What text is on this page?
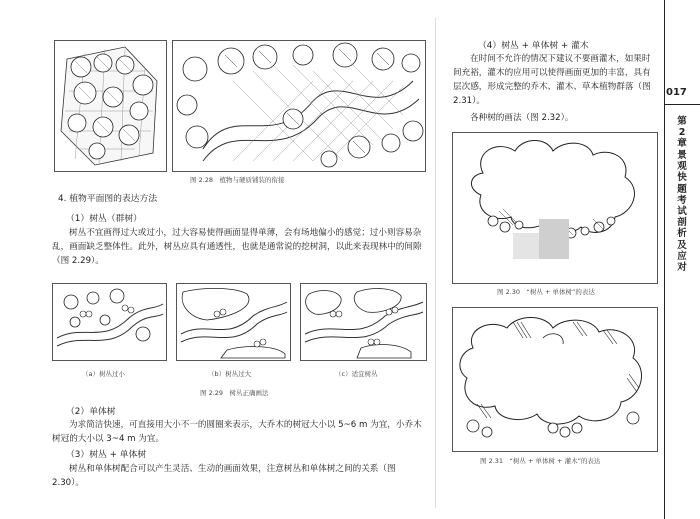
图 2.28　植物与硬质铺装的衔接
4. 植物平面图的表达方法
（1）树丛（群树）
树丛不宜画得过大或过小，过大容易使得画面显得单薄，会有场地偏小的感觉；过小则容易杂乱，画面缺乏整体性。此外，树丛应具有通透性，也就是通常说的挖树洞，以此来表现林中的间隙（图 2.29）。
（a）树丛过小	（b）树丛过大	（c）适宜树丛
图 2.29　树丛正确画法
（2）单体树
为求简洁快速，可直接用大小不一的圆圈来表示，大乔木的树冠大小以 5~6 m 为宜，小乔木树冠的大小以 3~4 m 为宜。
（3）树丛 + 单体树
树丛和单体树配合可以产生灵活、生动的画面效果，注意树丛和单体树之间的关系（图 2.30）。
（4）树丛 + 单体树 + 灌木
在时间不允许的情况下建议不要画灌木，如果时间充裕，灌木的应用可以使得画面更加的丰富，具有层次感，形成完整的乔木、灌木、草本植物群落（图 2.31）。
各种树的画法（图 2.32）。
图 2.30　“树丛 + 单体树”的表达
图 2.31　“树丛 + 单体树 + 灌木”的表达
017
第2章
景观快题考试剖析及应对
